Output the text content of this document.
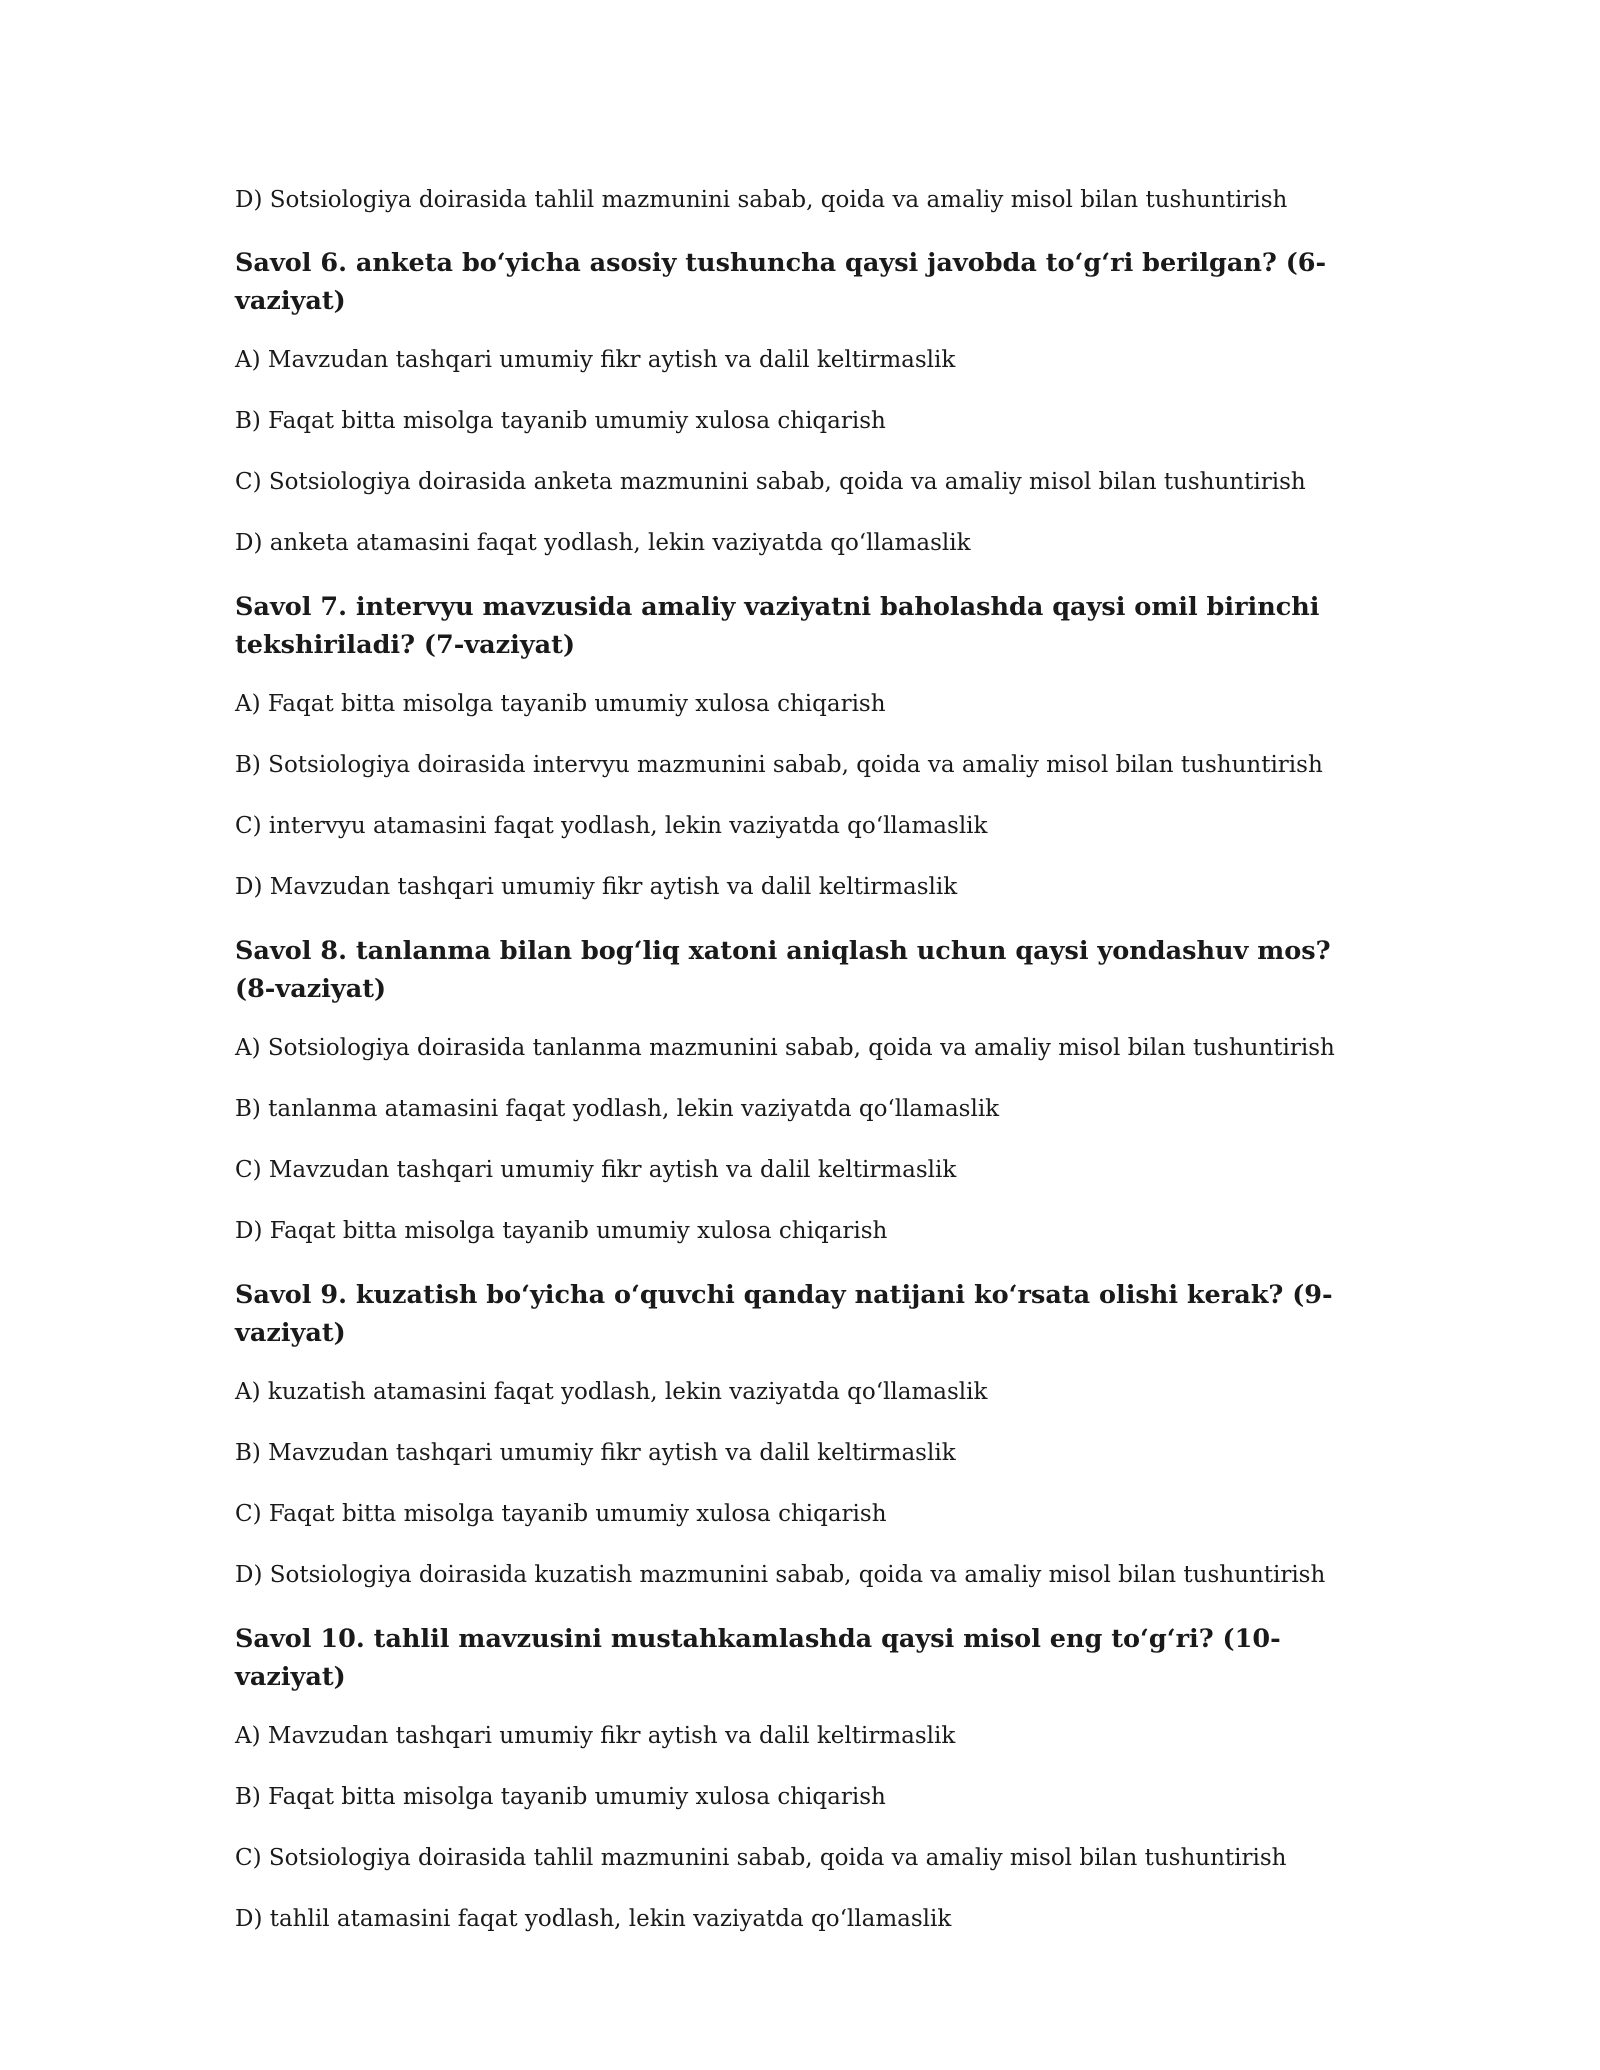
D) Sotsiologiya doirasida tahlil mazmunini sabab, qoida va amaliy misol bilan tushuntirish

Savol 6. anketa bo‘yicha asosiy tushuncha qaysi javobda to‘g‘ri berilgan? (6-vaziyat)

A) Mavzudan tashqari umumiy fikr aytish va dalil keltirmaslik

B) Faqat bitta misolga tayanib umumiy xulosa chiqarish

C) Sotsiologiya doirasida anketa mazmunini sabab, qoida va amaliy misol bilan tushuntirish

D) anketa atamasini faqat yodlash, lekin vaziyatda qo‘llamaslik

Savol 7. intervyu mavzusida amaliy vaziyatni baholashda qaysi omil birinchi tekshiriladi? (7-vaziyat)

A) Faqat bitta misolga tayanib umumiy xulosa chiqarish

B) Sotsiologiya doirasida intervyu mazmunini sabab, qoida va amaliy misol bilan tushuntirish

C) intervyu atamasini faqat yodlash, lekin vaziyatda qo‘llamaslik

D) Mavzudan tashqari umumiy fikr aytish va dalil keltirmaslik

Savol 8. tanlanma bilan bog‘liq xatoni aniqlash uchun qaysi yondashuv mos? (8-vaziyat)

A) Sotsiologiya doirasida tanlanma mazmunini sabab, qoida va amaliy misol bilan tushuntirish

B) tanlanma atamasini faqat yodlash, lekin vaziyatda qo‘llamaslik

C) Mavzudan tashqari umumiy fikr aytish va dalil keltirmaslik

D) Faqat bitta misolga tayanib umumiy xulosa chiqarish

Savol 9. kuzatish bo‘yicha o‘quvchi qanday natijani ko‘rsata olishi kerak? (9-vaziyat)

A) kuzatish atamasini faqat yodlash, lekin vaziyatda qo‘llamaslik

B) Mavzudan tashqari umumiy fikr aytish va dalil keltirmaslik

C) Faqat bitta misolga tayanib umumiy xulosa chiqarish

D) Sotsiologiya doirasida kuzatish mazmunini sabab, qoida va amaliy misol bilan tushuntirish

Savol 10. tahlil mavzusini mustahkamlashda qaysi misol eng to‘g‘ri? (10-vaziyat)

A) Mavzudan tashqari umumiy fikr aytish va dalil keltirmaslik

B) Faqat bitta misolga tayanib umumiy xulosa chiqarish

C) Sotsiologiya doirasida tahlil mazmunini sabab, qoida va amaliy misol bilan tushuntirish

D) tahlil atamasini faqat yodlash, lekin vaziyatda qo‘llamaslik
